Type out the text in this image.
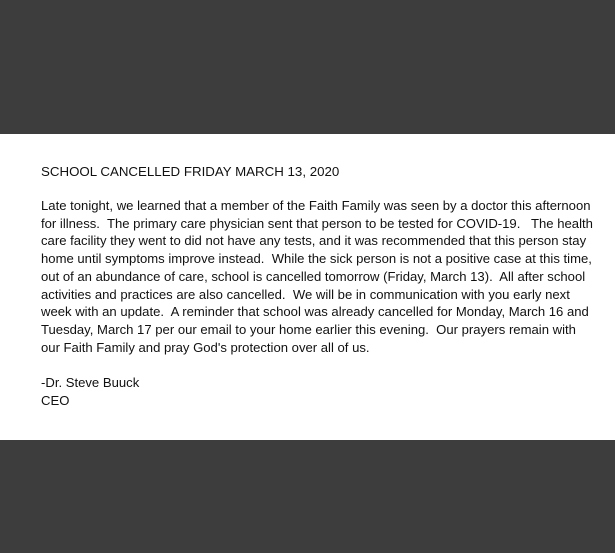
SCHOOL CANCELLED FRIDAY MARCH 13, 2020
Late tonight, we learned that a member of the Faith Family was seen by a doctor this afternoon
for illness.  The primary care physician sent that person to be tested for COVID-19.   The health
care facility they went to did not have any tests, and it was recommended that this person stay
home until symptoms improve instead.  While the sick person is not a positive case at this time,
out of an abundance of care, school is cancelled tomorrow (Friday, March 13).  All after school
activities and practices are also cancelled.  We will be in communication with you early next
week with an update.  A reminder that school was already cancelled for Monday, March 16 and
Tuesday, March 17 per our email to your home earlier this evening.  Our prayers remain with
our Faith Family and pray God's protection over all of us.
-Dr. Steve Buuck
CEO
